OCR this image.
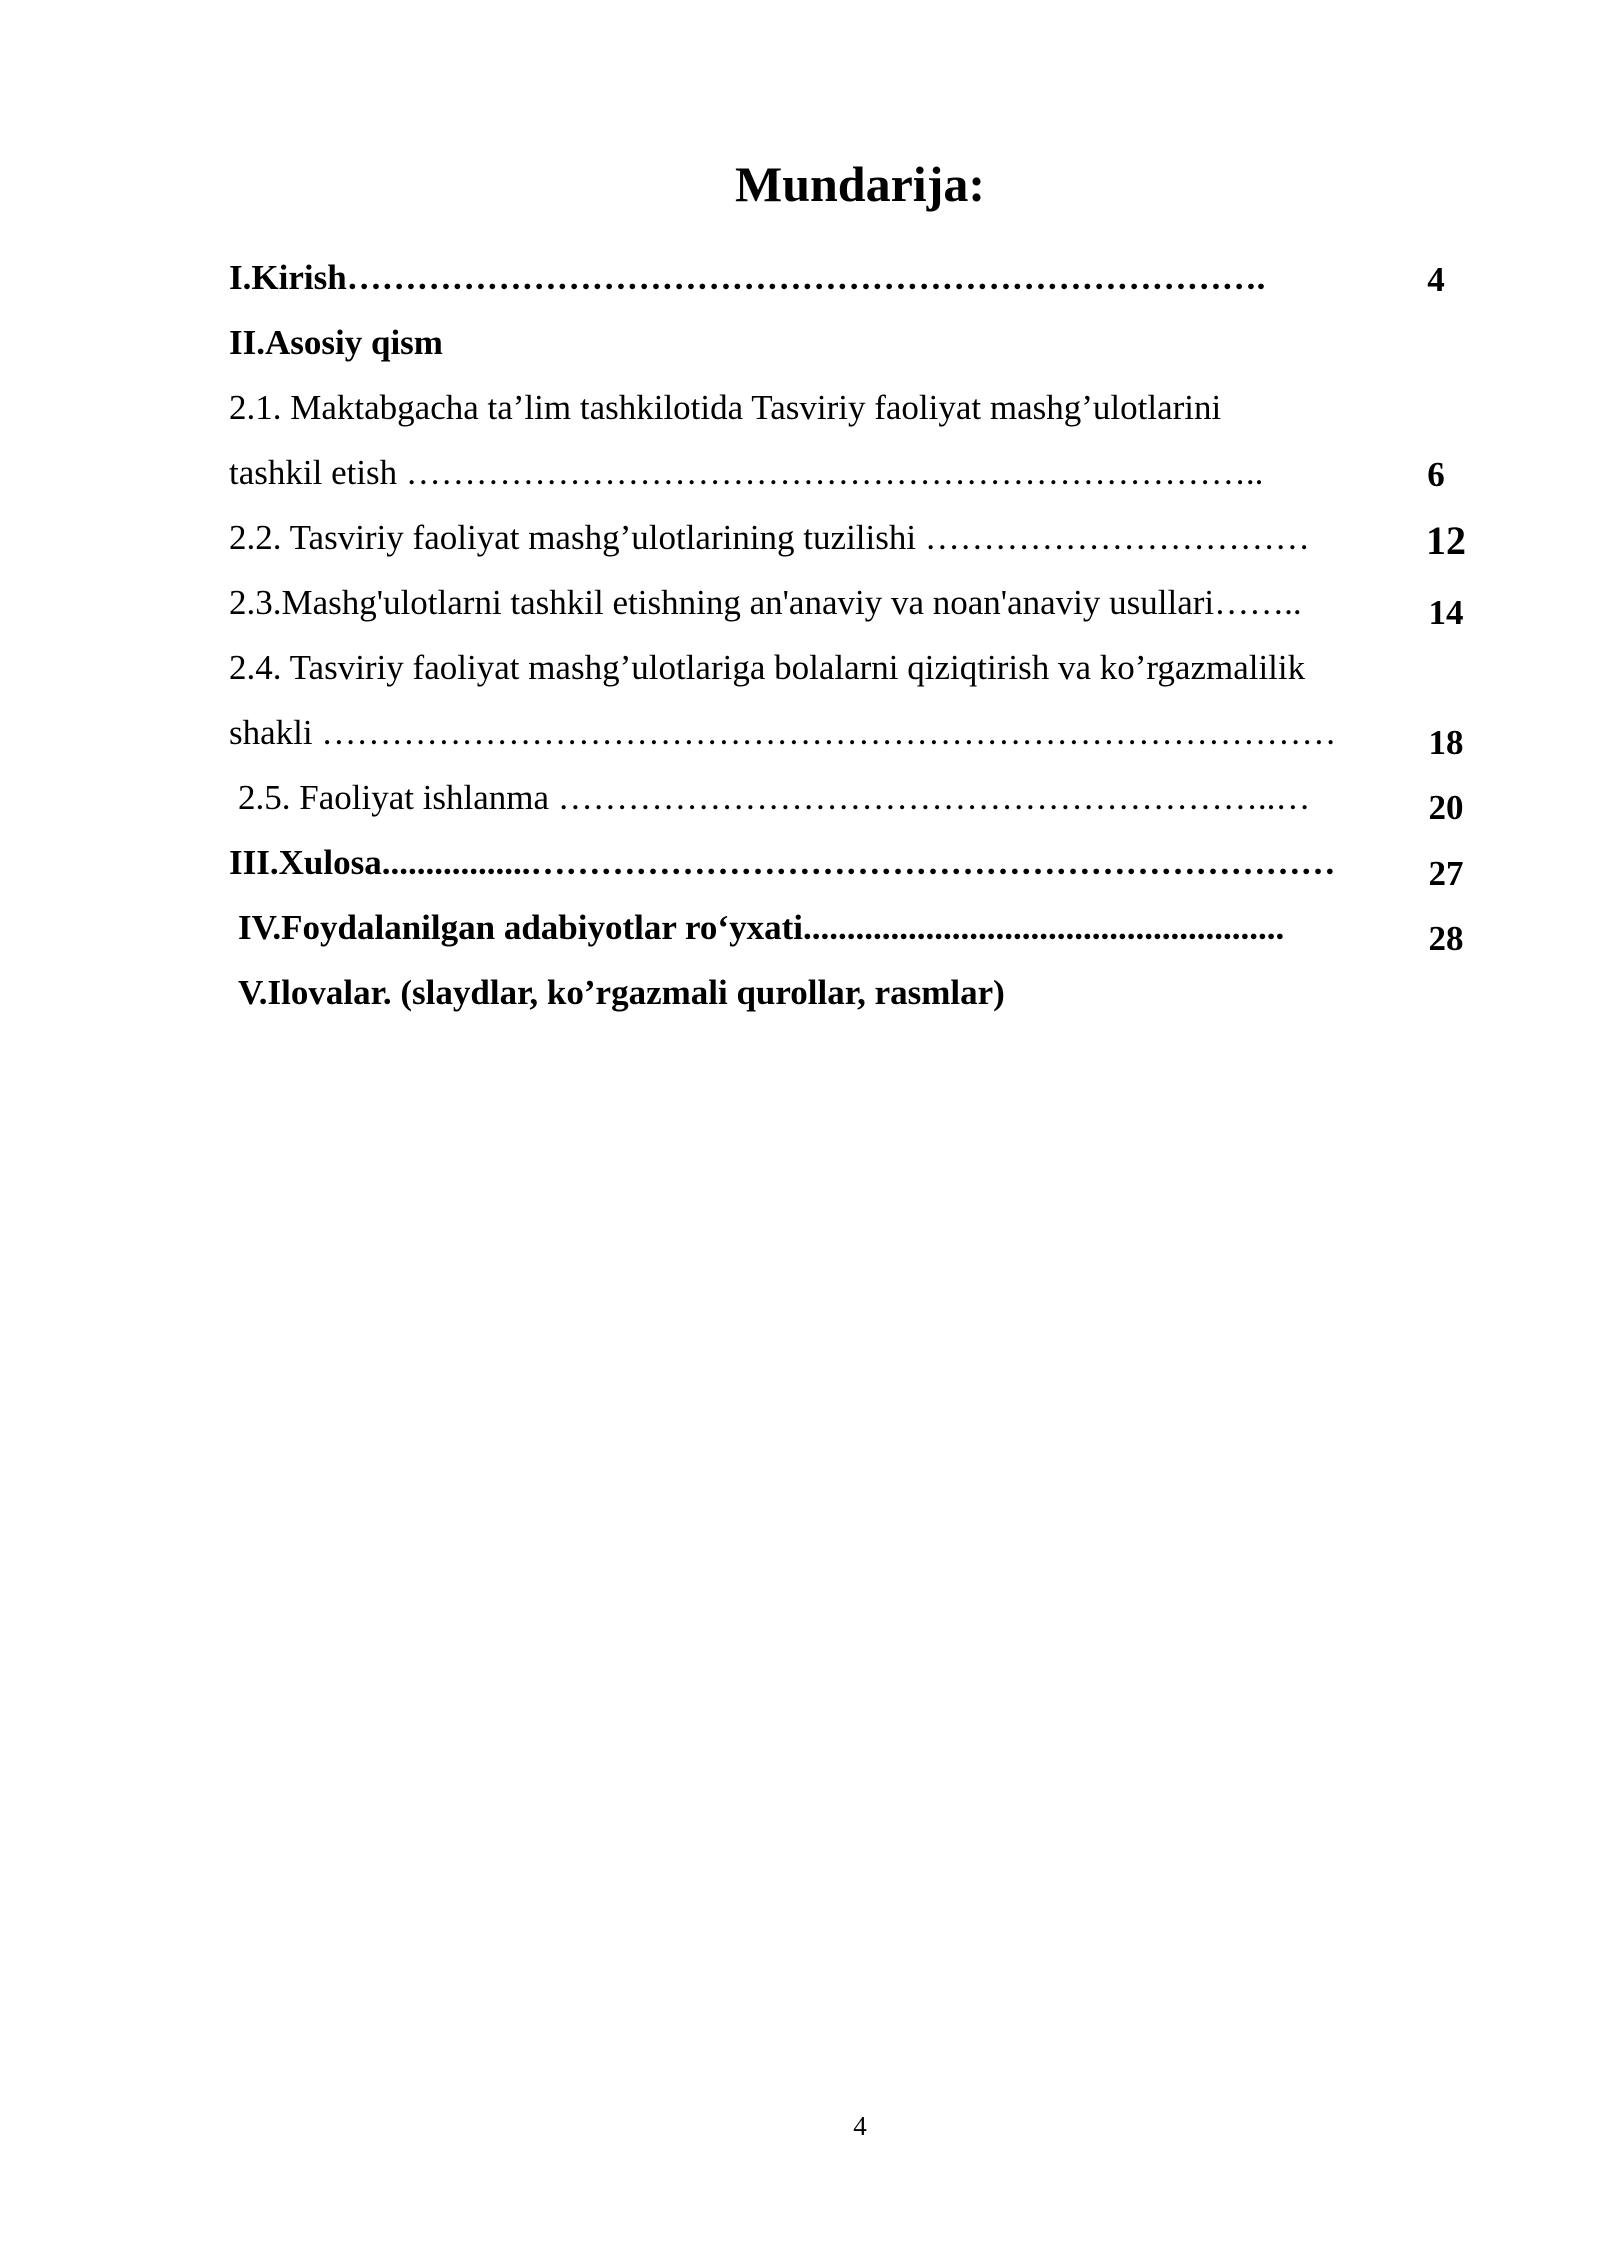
Mundarija:
I.Kirish…………………………………………………………………….	4
II.Asosiy qism
2.1. Maktabgacha ta’lim tashkilotida Tasviriy faoliyat mashg’ulotlarini
tashkil etish ………………………………………………………………..	6
2.2. Tasviriy faoliyat mashg’ulotlarining tuzilishi ……………………………	12
2.3.Mashg'ulotlarni tashkil etishning an'anaviy va noan'anaviy usullari……..	14
2.4. Tasviriy faoliyat mashg’ulotlariga bolalarni qiziqtirish va ko’rgazmalilik
shakli ……………………………………………………………………………	18
2.5. Faoliyat ishlanma ……………………………………………………..…	20
III.Xulosa.................……………………………………………………………	27
IV.Foydalanilgan adabiyotlar ro‘yxati.......................................................	28
V.Ilovalar. (slaydlar, ko’rgazmali qurollar, rasmlar)
4
